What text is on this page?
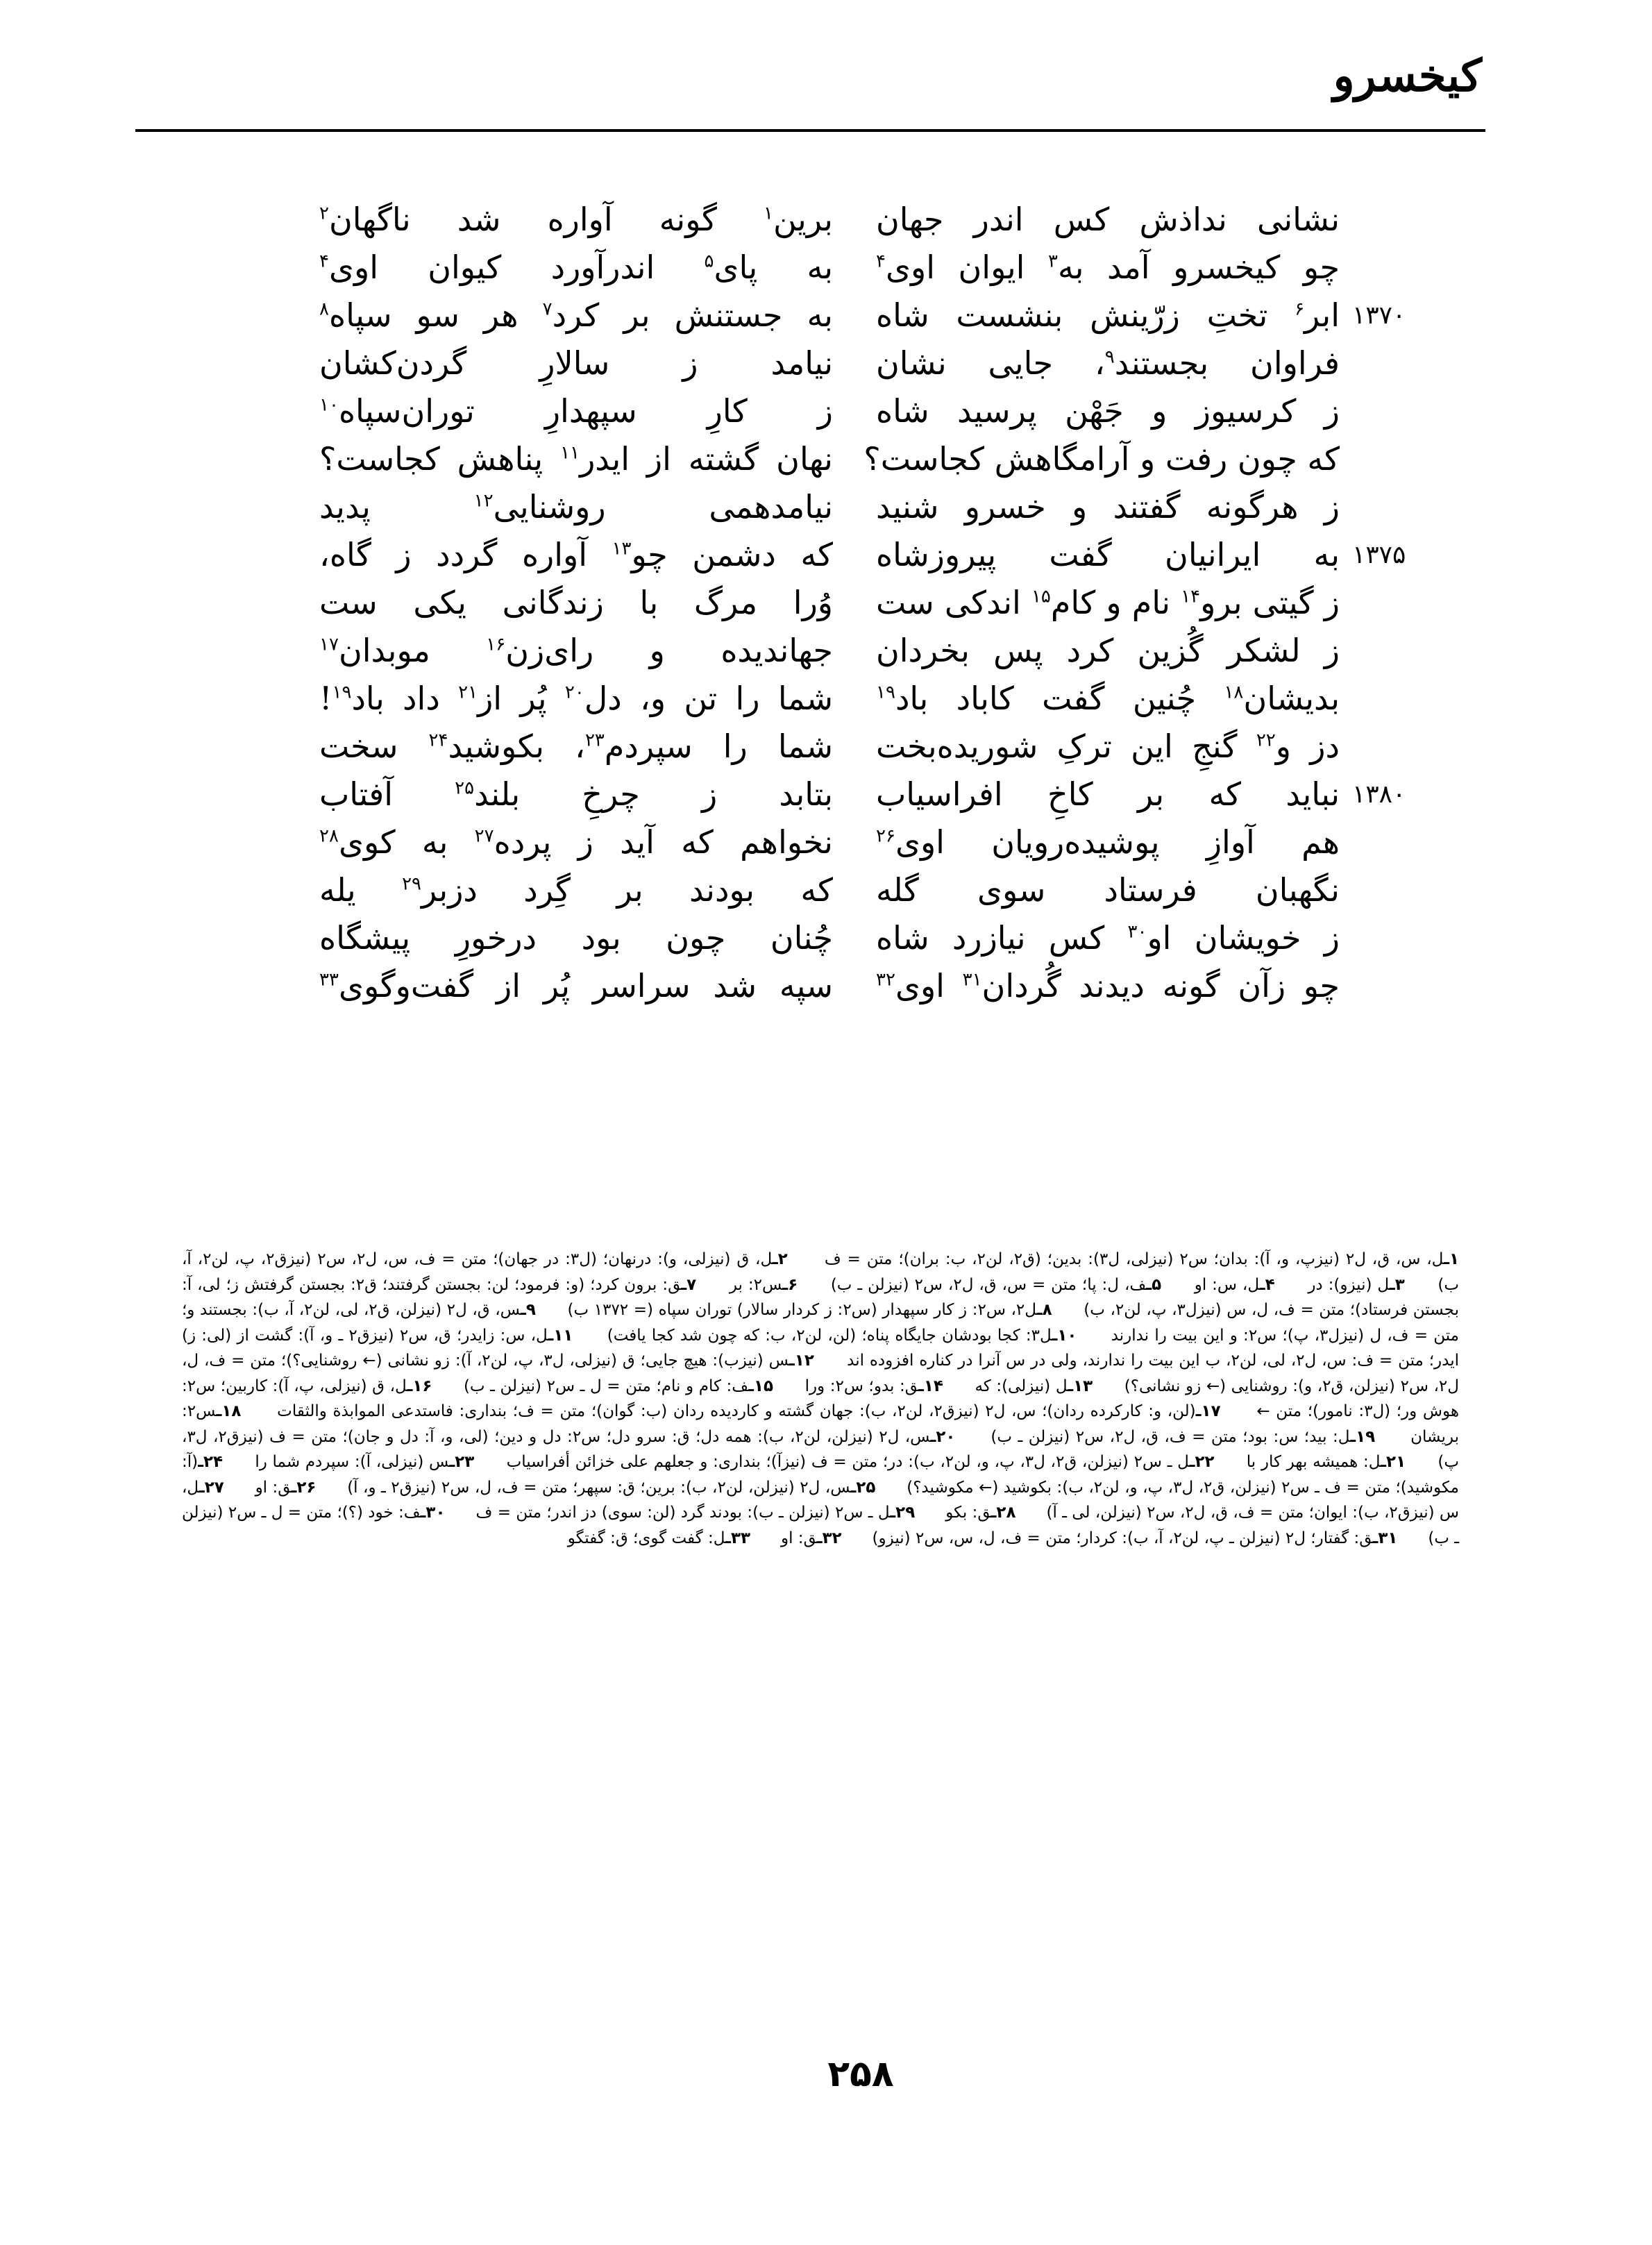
کیخسرو
نشانی نداذش کس اندر جهان
برین$^۱$ گونه آواره شد ناگهان$^۲$
چو کیخسرو آمد به$^۳$ ایوان اوی$^۴$
به پای$^۵$ اندرآورد کیوان اوی$^۴$
ابر$^۶$ تختِ زرّینش بنشست شاه
به جستنش بر کرد$^۷$ هر سو سپاه$^۸$	۱۳۷۰
فراوان بجستند$^۹$، جایی نشان
نیامد ز سالارِ گردن‌کشان
ز کرسیوز و جَهْن پرسید شاه
ز کارِ سپهدارِ توران‌سپاه$^{۱۰}$
که چون رفت و آرامگاهش کجاست؟
نهان گشته از ایدر$^{۱۱}$ پناهش کجاست؟
ز هرگونه گفتند و خسرو شنید
نیامدهمی روشنایی$^{۱۲}$ پدید
به ایرانیان گفت پیروزشاه
که دشمن چو$^{۱۳}$ آواره گردد ز گاه،	۱۳۷۵
ز گیتی برو$^{۱۴}$ نام و کام$^{۱۵}$ اندکی ست
وُرا مرگ با زندگانی یکی ست
ز لشکر گُزین کرد پس بخردان
جهاندیده و رای‌زن$^{۱۶}$ موبدان$^{۱۷}$
بدیشان$^{۱۸}$ چُنین گفت کاباد باد$^{۱۹}$
شما را تن و، دل$^{۲۰}$ پُر از$^{۲۱}$ داد باد$^{۱۹}$!
دز و$^{۲۲}$ گنجِ این ترکِ شوریده‌بخت
شما را سپردم$^{۲۳}$، بکوشید$^{۲۴}$ سخت
نباید که بر کاخِ افراسیاب
بتابد ز چرخِ بلند$^{۲۵}$ آفتاب	۱۳۸۰
هم آوازِ پوشیده‌رویان اوی$^{۲۶}$
نخواهم که آید ز پرده$^{۲۷}$ به کوی$^{۲۸}$
نگهبان فرستاد سوی گله
که بودند بر گِرد دزبر$^{۲۹}$ یله
ز خویشان او$^{۳۰}$ کس نیازرد شاه
چُنان چون بود درخورِ پیشگاه
چو زآن گونه دیدند گُردان$^{۳۱}$ اوی$^{۳۲}$
سپه شد سراسر پُر از گفت‌وگوی$^{۳۳}$
۱ـل، س، ق، ل۲ (نیزپ، و، آ): بدان؛ س۲ (نیزلی، ل۳): بدین؛ (ق۲، لن۲، ب: بران)؛ متن = ف۲ـل، ق (نیزلی، و): درنهان؛ (ل۳: در جهان)؛ متن = ف، س، ل۲، س۲ (نیزق۲، پ، لن۲، آ، ب)۳ـل (نیزو): در۴ـل، س: او۵ـف، ل: پا؛ متن = س، ق، ل۲، س۲ (نیزلن ـ ب)۶ـس۲: بر۷ـق: برون کرد؛ (و: فرمود؛ لن: بجستن گرفتند؛ ق۲: بجستن گرفتش ز؛ لی، آ: بجستن فرستاد)؛ متن = ف، ل، س (نیزل۳، پ، لن۲، ب)۸ـل۲، س۲: ز کار سپهدار (س۲: ز کردار سالار) توران سپاه (= ۱۳۷۲ ب)۹ـس، ق، ل۲ (نیزلن، ق۲، لی، لن۲، آ، ب): بجستند و؛ متن = ف، ل (نیزل۳، پ)؛ س۲: و این بیت را ندارند۱۰ـل۳: کجا بودشان جایگاه پناه؛ (لن، لن۲، ب: که چون شد کجا یافت)۱۱ـل، س: زایدر؛ ق، س۲ (نیزق۲ ـ و، آ): گشت از (لی: ز) ایدر؛ متن = ف: س، ل۲، لی، لن۲، ب این بیت را ندارند، ولی در س آنرا در کناره افزوده اند۱۲ـس (نیزب): هیچ جایی؛ ق (نیزلی، ل۳، پ، لن۲، آ): زو نشانی (← روشنایی؟)؛ متن = ف، ل، ل۲، س۲ (نیزلن، ق۲، و): روشنایی (← زو نشانی؟)۱۳ـل (نیزلی): که۱۴ـق: بدو؛ س۲: ورا۱۵ـف: کام و نام؛ متن = ل ـ س۲ (نیزلن ـ ب)۱۶ـل، ق (نیزلی، پ، آ): کاربین؛ س۲: هوش ور؛ (ل۳: نامور)؛ متن ←۱۷ـ(لن، و: کارکرده ردان)؛ س، ل۲ (نیزق۲، لن۲، ب): جهان گشته و کاردیده ردان (ب: گوان)؛ متن = ف؛ بنداری: فاستدعی الموابذة والثقات۱۸ـس۲: بریشان۱۹ـل: بید؛ س: بود؛ متن = ف، ق، ل۲، س۲ (نیزلن ـ ب)۲۰ـس، ل۲ (نیزلن، لن۲، ب): همه دل؛ ق: سرو دل؛ س۲: دل و دین؛ (لی، و، آ: دل و جان)؛ متن = ف (نیزق۲، ل۳، پ)۲۱ـل: همیشه بهر کار با۲۲ـل ـ س۲ (نیزلن، ق۲، ل۳، پ، و، لن۲، ب): در؛ متن = ف (نیزآ)؛ بنداری: و جعلهم علی خزائن أفراسیاب۲۳ـس (نیزلی، آ): سپردم شما را۲۴ـ(آ: مکوشید)؛ متن = ف ـ س۲ (نیزلن، ق۲، ل۳، پ، و، لن۲، ب): بکوشید (← مکوشید؟)۲۵ـس، ل۲ (نیزلن، لن۲، ب): برین؛ ق: سپهر؛ متن = ف، ل، س۲ (نیزق۲ ـ و، آ)۲۶ـق: او۲۷ـل، س (نیزق۲، ب): ایوان؛ متن = ف، ق، ل۲، س۲ (نیزلن، لی ـ آ)۲۸ـق: بکو۲۹ـل ـ س۲ (نیزلن ـ ب): بودند گرد (لن: سوی) دز اندر؛ متن = ف۳۰ـف: خود (؟)؛ متن = ل ـ س۲ (نیزلن ـ ب)۳۱ـق: گفتار؛ ل۲ (نیزلن ـ پ، لن۲، آ، ب): کردار؛ متن = ف، ل، س، س۲ (نیزو)۳۲ـق: او۳۳ـل: گفت گوی؛ ق: گفتگو
۲۵۸
